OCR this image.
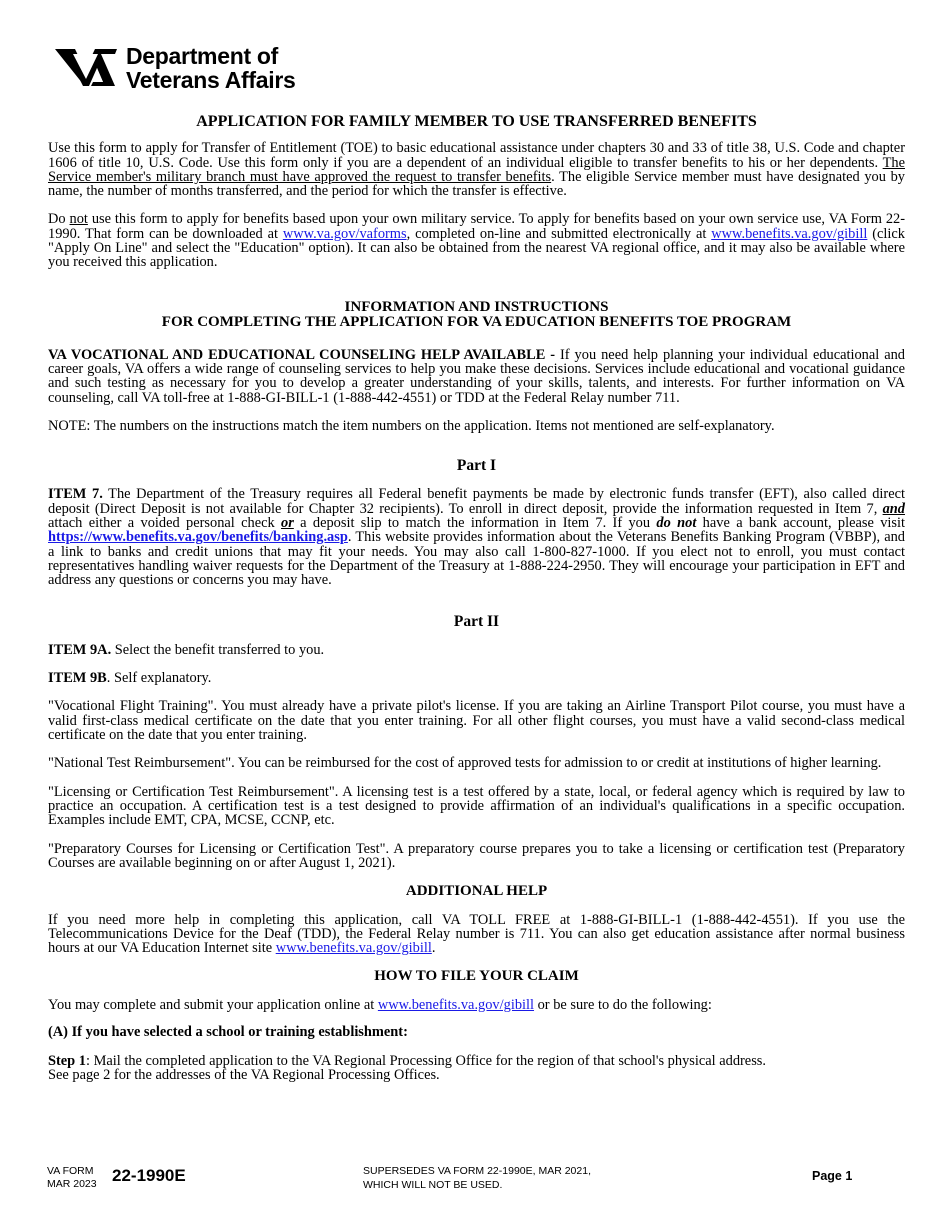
Department of
Veterans Affairs
APPLICATION FOR FAMILY MEMBER TO USE TRANSFERRED BENEFITS

Use this form to apply for Transfer of Entitlement (TOE) to basic educational assistance under chapters 30 and 33 of title 38, U.S. Code and chapter 1606 of title 10, U.S. Code. Use this form only if you are a dependent of an individual eligible to transfer benefits to his or her dependents. The Service member's military branch must have approved the request to transfer benefits. The eligible Service member must have designated you by name, the number of months transferred, and the period for which the transfer is effective.

Do not use this form to apply for benefits based upon your own military service. To apply for benefits based on your own service use, VA Form 22-1990. That form can be downloaded at www.va.gov/vaforms, completed on-line and submitted electronically at www.benefits.va.gov/gibill (click "Apply On Line" and select the "Education" option). It can also be obtained from the nearest VA regional office, and it may also be available where you received this application.

INFORMATION AND INSTRUCTIONS

FOR COMPLETING THE APPLICATION FOR VA EDUCATION BENEFITS TOE PROGRAM

VA VOCATIONAL AND EDUCATIONAL COUNSELING HELP AVAILABLE - If you need help planning your individual educational and career goals, VA offers a wide range of counseling services to help you make these decisions. Services include educational and vocational guidance and such testing as necessary for you to develop a greater understanding of your skills, talents, and interests. For further information on VA counseling, call VA toll-free at 1-888-GI-BILL-1 (1-888-442-4551) or TDD at the Federal Relay number 711.

NOTE: The numbers on the instructions match the item numbers on the application. Items not mentioned are self-explanatory.

Part I

ITEM 7. The Department of the Treasury requires all Federal benefit payments be made by electronic funds transfer (EFT), also called direct deposit (Direct Deposit is not available for Chapter 32 recipients). To enroll in direct deposit, provide the information requested in Item 7, and attach either a voided personal check or a deposit slip to match the information in Item 7. If you do not have a bank account, please visit https://www.benefits.va.gov/benefits/banking.asp. This website provides information about the Veterans Benefits Banking Program (VBBP), and a link to banks and credit unions that may fit your needs. You may also call 1-800-827-1000. If you elect not to enroll, you must contact representatives handling waiver requests for the Department of the Treasury at 1-888-224-2950. They will encourage your participation in EFT and address any questions or concerns you may have.

Part II

ITEM 9A. Select the benefit transferred to you.

ITEM 9B. Self explanatory.

"Vocational Flight Training". You must already have a private pilot's license. If you are taking an Airline Transport Pilot course, you must have a valid first-class medical certificate on the date that you enter training. For all other flight courses, you must have a valid second-class medical certificate on the date that you enter training.

"National Test Reimbursement". You can be reimbursed for the cost of approved tests for admission to or credit at institutions of higher learning.

"Licensing or Certification Test Reimbursement". A licensing test is a test offered by a state, local, or federal agency which is required by law to practice an occupation. A certification test is a test designed to provide affirmation of an individual's qualifications in a specific occupation. Examples include EMT, CPA, MCSE, CCNP, etc.

"Preparatory Courses for Licensing or Certification Test". A preparatory course prepares you to take a licensing or certification test (Preparatory Courses are available beginning on or after August 1, 2021).

ADDITIONAL HELP

If you need more help in completing this application, call VA TOLL FREE at 1-888-GI-BILL-1 (1-888-442-4551). If you use the Telecommunications Device for the Deaf (TDD), the Federal Relay number is 711. You can also get education assistance after normal business hours at our VA Education Internet site www.benefits.va.gov/gibill.

HOW TO FILE YOUR CLAIM

You may complete and submit your application online at www.benefits.va.gov/gibill or be sure to do the following:

(A) If you have selected a school or training establishment:

Step 1: Mail the completed application to the VA Regional Processing Office for the region of that school's physical address.
See page 2 for the addresses of the VA Regional Processing Offices.

VA FORM
MAR 2023 22-1990E	SUPERSEDES VA FORM 22-1990E, MAR 2021,
WHICH WILL NOT BE USED.
Page 1
